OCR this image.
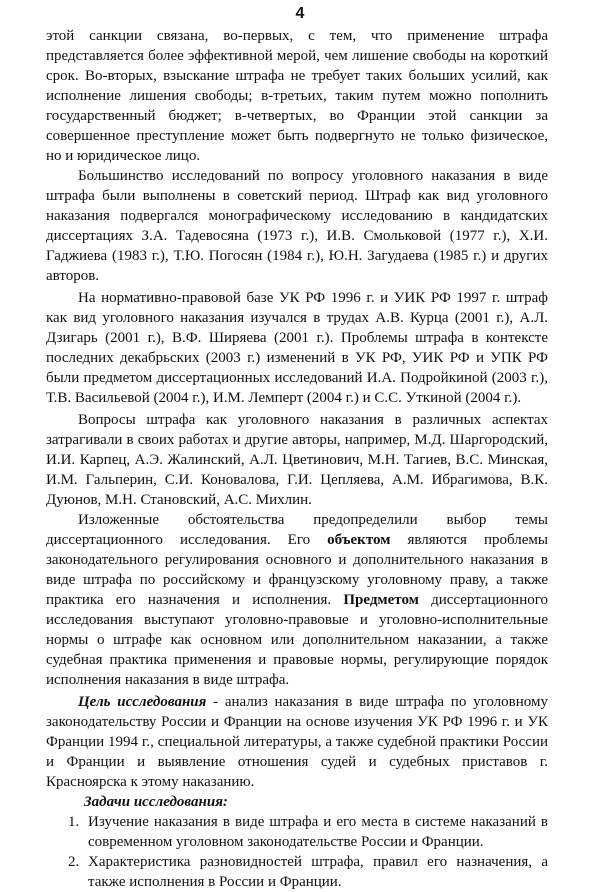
4

этой санкции связана, во-первых, с тем, что применение штрафа представляется более эффективной мерой, чем лишение свободы на короткий срок. Во-вторых, взыскание штрафа не требует таких больших усилий, как исполнение лишения свободы; в-третьих, таким путем можно пополнить государственный бюджет; в-четвертых, во Франции этой санкции за совершенное преступление может быть подвергнуто не только физическое, но и юридическое лицо.

Большинство исследований по вопросу уголовного наказания в виде штрафа были выполнены в советский период. Штраф как вид уголовного наказания подвергался монографическому исследованию в кандидатских диссертациях З.А. Тадевосяна (1973 г.), И.В. Смольковой (1977 г.), Х.И. Гаджиева (1983 г.), Т.Ю. Погосян (1984 г.), Ю.Н. Загудаева (1985 г.) и других авторов.

На нормативно-правовой базе УК РФ 1996 г. и УИК РФ 1997 г. штраф как вид уголовного наказания изучался в трудах А.В. Курца (2001 г.), А.Л. Дзигарь (2001 г.), В.Ф. Ширяева (2001 г.). Проблемы штрафа в контексте последних декабрьских (2003 г.) изменений в УК РФ, УИК РФ и УПК РФ были предметом диссертационных исследований И.А. Подройкиной (2003 г.), Т.В. Васильевой (2004 г.), И.М. Лемперт (2004 г.) и С.С. Уткиной (2004 г.).

Вопросы штрафа как уголовного наказания в различных аспектах затрагивали в своих работах и другие авторы, например, М.Д. Шаргородский, И.И. Карпец, А.Э. Жалинский, А.Л. Цветинович, М.Н. Тагиев, В.С. Минская, И.М. Гальперин, С.И. Коновалова, Г.И. Цепляева, А.М. Ибрагимова, В.К. Дуюнов, М.Н. Становский, А.С. Михлин.

Изложенные обстоятельства предопределили выбор темы диссертационного исследования. Его объектом являются проблемы законодательного регулирования основного и дополнительного наказания в виде штрафа по российскому и французскому уголовному праву, а также практика его назначения и исполнения. Предметом диссертационного исследования выступают уголовно-правовые и уголовно-исполнительные нормы о штрафе как основном или дополнительном наказании, а также судебная практика применения и правовые нормы, регулирующие порядок исполнения наказания в виде штрафа.

Цель исследования - анализ наказания в виде штрафа по уголовному законодательству России и Франции на основе изучения УК РФ 1996 г. и УК Франции 1994 г., специальной литературы, а также судебной практики России и Франции и выявление отношения судей и судебных приставов г. Красноярска к этому наказанию.

Задачи исследования:

1. Изучение наказания в виде штрафа и его места в системе наказаний в современном уголовном законодательстве России и Франции.
2. Характеристика разновидностей штрафа, правил его назначения, а также исполнения в России и Франции.
